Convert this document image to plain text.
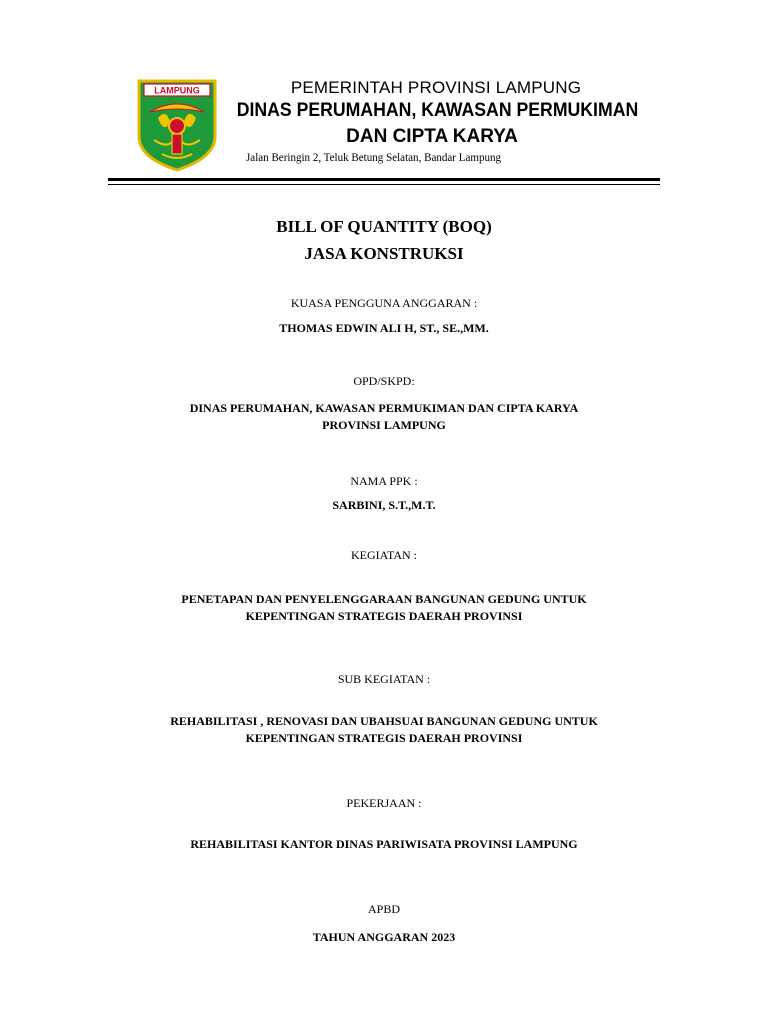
LAMPUNG	PEMERINTAH PROVINSI LAMPUNG
DINAS PERUMAHAN, KAWASAN PERMUKIMAN
DAN CIPTA KARYA
Jalan Beringin 2, Teluk Betung Selatan, Bandar Lampung
BILL OF QUANTITY (BOQ)
JASA KONSTRUKSI
KUASA PENGGUNA ANGGARAN :
THOMAS EDWIN ALI H, ST., SE.,MM.
OPD/SKPD:
DINAS PERUMAHAN, KAWASAN PERMUKIMAN DAN CIPTA KARYA
PROVINSI LAMPUNG
NAMA PPK :
SARBINI, S.T.,M.T.
KEGIATAN :
PENETAPAN DAN PENYELENGGARAAN BANGUNAN GEDUNG UNTUK
KEPENTINGAN STRATEGIS DAERAH PROVINSI
SUB KEGIATAN :
REHABILITASI , RENOVASI DAN UBAHSUAI BANGUNAN GEDUNG UNTUK
KEPENTINGAN STRATEGIS DAERAH PROVINSI
PEKERJAAN :
REHABILITASI KANTOR DINAS PARIWISATA PROVINSI LAMPUNG
APBD
TAHUN ANGGARAN 2023
